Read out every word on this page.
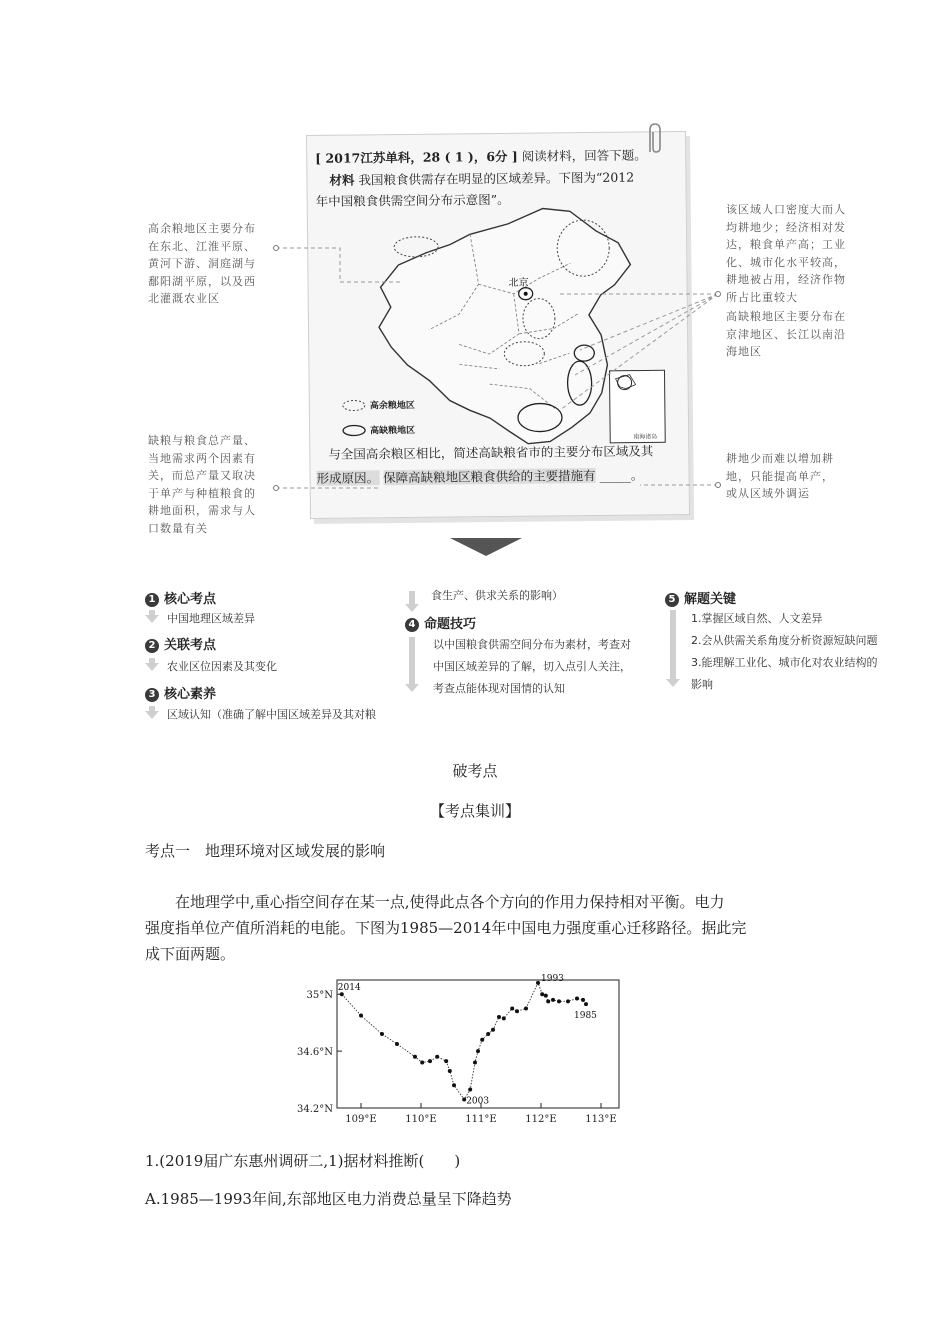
[ 2017江苏单科，28 ( 1 )，6分 ] 阅读材料，回答下题。
材料 我国粮食供需存在明显的区域差异。下图为“2012
年中国粮食供需空间分布示意图”。
北京
南海诸岛
高余粮地区
高缺粮地区
与全国高余粮区相比，简述高缺粮省市的主要分布区域及其
形成原因。 保障高缺粮地区粮食供给的主要措施有 _____。
高余粮地区主要分布
在东北、江淮平原、
黄河下游、洞庭湖与
鄱阳湖平原，以及西
北灌溉农业区
该区域人口密度大而人
均耕地少；经济相对发
达，粮食单产高；工业
化、城市化水平较高，
耕地被占用，经济作物
所占比重较大
高缺粮地区主要分布在
京津地区、长江以南沿
海地区
缺粮与粮食总产量、
当地需求两个因素有
关，而总产量又取决
于单产与种植粮食的
耕地面积，需求与人
口数量有关
耕地少而难以增加耕
地，只能提高单产，
或从区域外调运
1 核心考点
中国地理区域差异
2 关联考点
农业区位因素及其变化
3 核心素养
区域认知（准确了解中国区域差异及其对粮
食生产、供求关系的影响）
4 命题技巧
以中国粮食供需空间分布为素材，考查对
中国区域差异的了解，切入点引人关注，
考查点能体现对国情的认知
5 解题关键
1.掌握区域自然、人文差异
2.会从供需关系角度分析资源短缺问题
3.能理解工业化、城市化对农业结构的
影响
破考点
【考点集训】
考点一　地理环境对区域发展的影响
在地理学中,重心指空间存在某一点,使得此点各个方向的作用力保持相对平衡。电力
强度指单位产值所消耗的电能。下图为1985—2014年中国电力强度重心迁移路径。据此完
成下面两题。
34.2°N
34.6°N
35°N
109°E	110°E	111°E	112°E	113°E
2014
1993
1985
2003
1.(2019届广东惠州调研二,1)据材料推断(　　)
A.1985—1993年间,东部地区电力消费总量呈下降趋势
